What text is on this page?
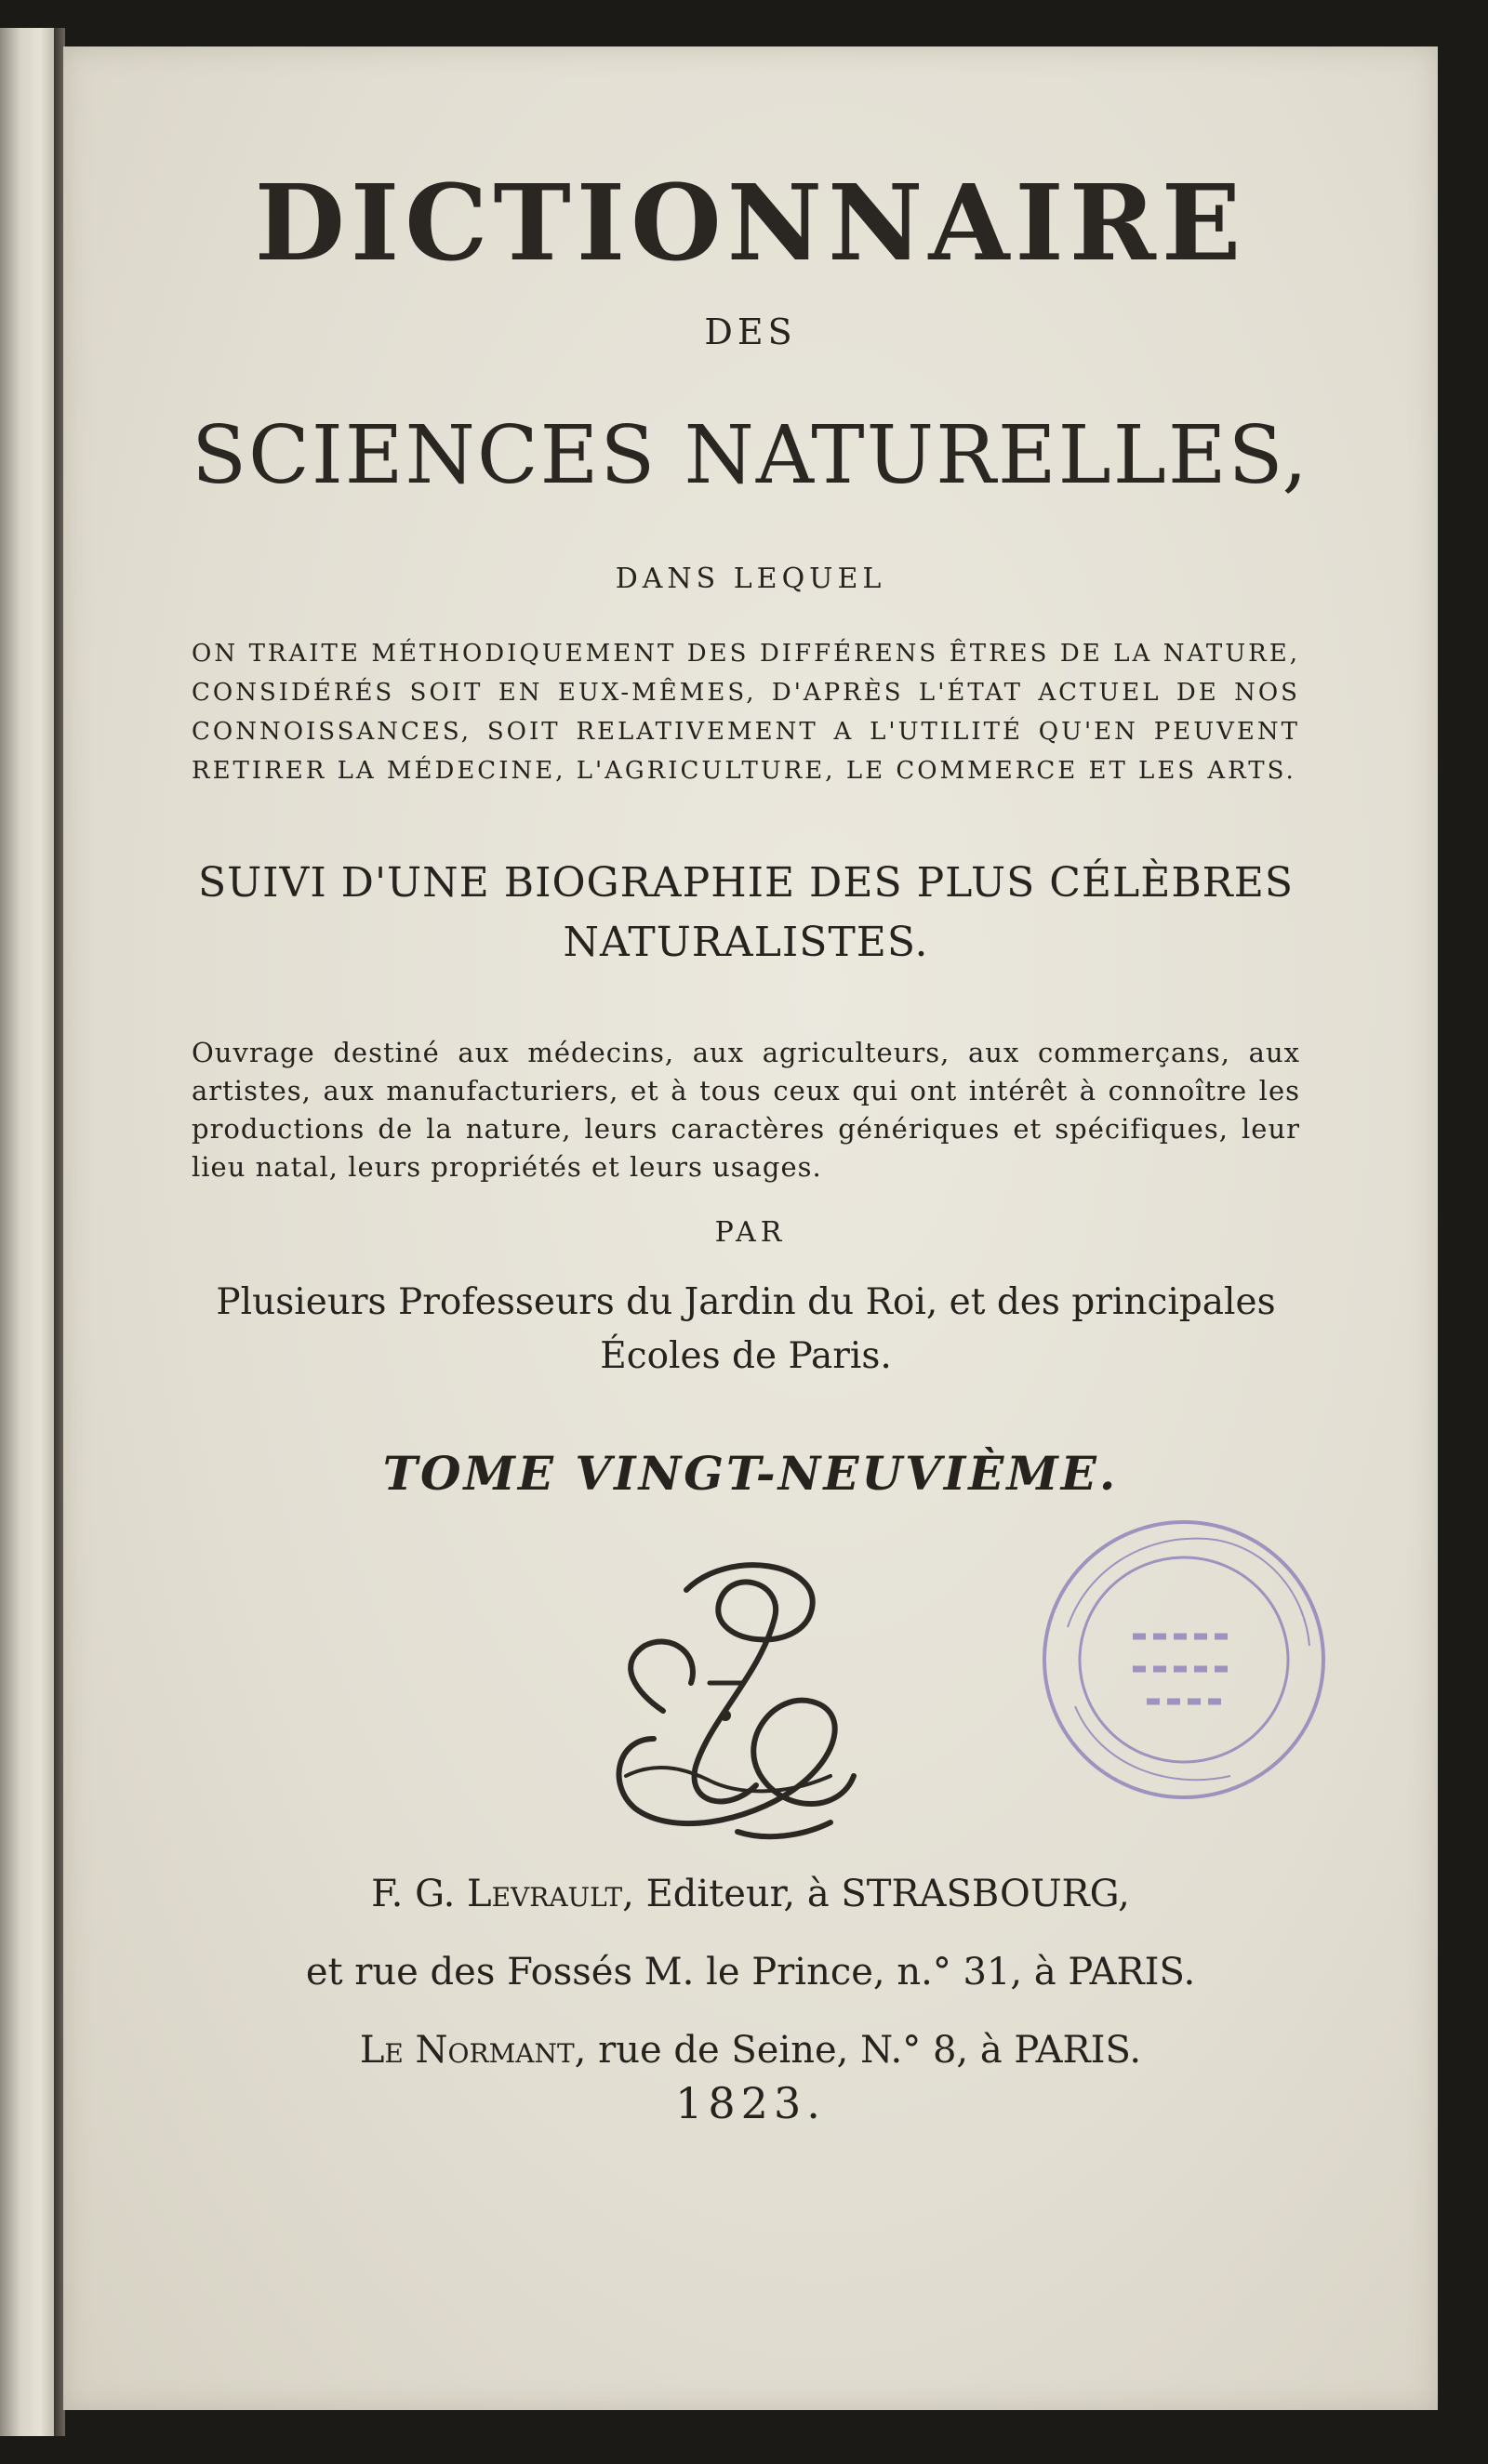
DICTIONNAIRE
DES
SCIENCES NATURELLES,
DANS LEQUEL
ON TRAITE MÉTHODIQUEMENT DES DIFFÉRENS ÊTRES DE LA NATURE, CONSIDÉRÉS SOIT EN EUX-MÊMES, D'APRÈS L'ÉTAT ACTUEL DE NOS CONNOISSANCES, SOIT RELATIVEMENT A L'UTILITÉ QU'EN PEUVENT RETIRER LA MÉDECINE, L'AGRICULTURE, LE COMMERCE ET LES ARTS.
SUIVI D'UNE BIOGRAPHIE DES PLUS CÉLÈBRES NATURALISTES.
Ouvrage destiné aux médecins, aux agriculteurs, aux commerçans, aux artistes, aux manufacturiers, et à tous ceux qui ont intérêt à connoître les productions de la nature, leurs caractères génériques et spécifiques, leur lieu natal, leurs propriétés et leurs usages.
PAR
Plusieurs Professeurs du Jardin du Roi, et des principales Écoles de Paris.
TOME VINGT-NEUVIÈME.
F. G. Levrault, Editeur, à STRASBOURG,
et rue des Fossés M. le Prince, n.° 31, à PARIS.
Le Normant, rue de Seine, N.° 8, à PARIS.
1823.
